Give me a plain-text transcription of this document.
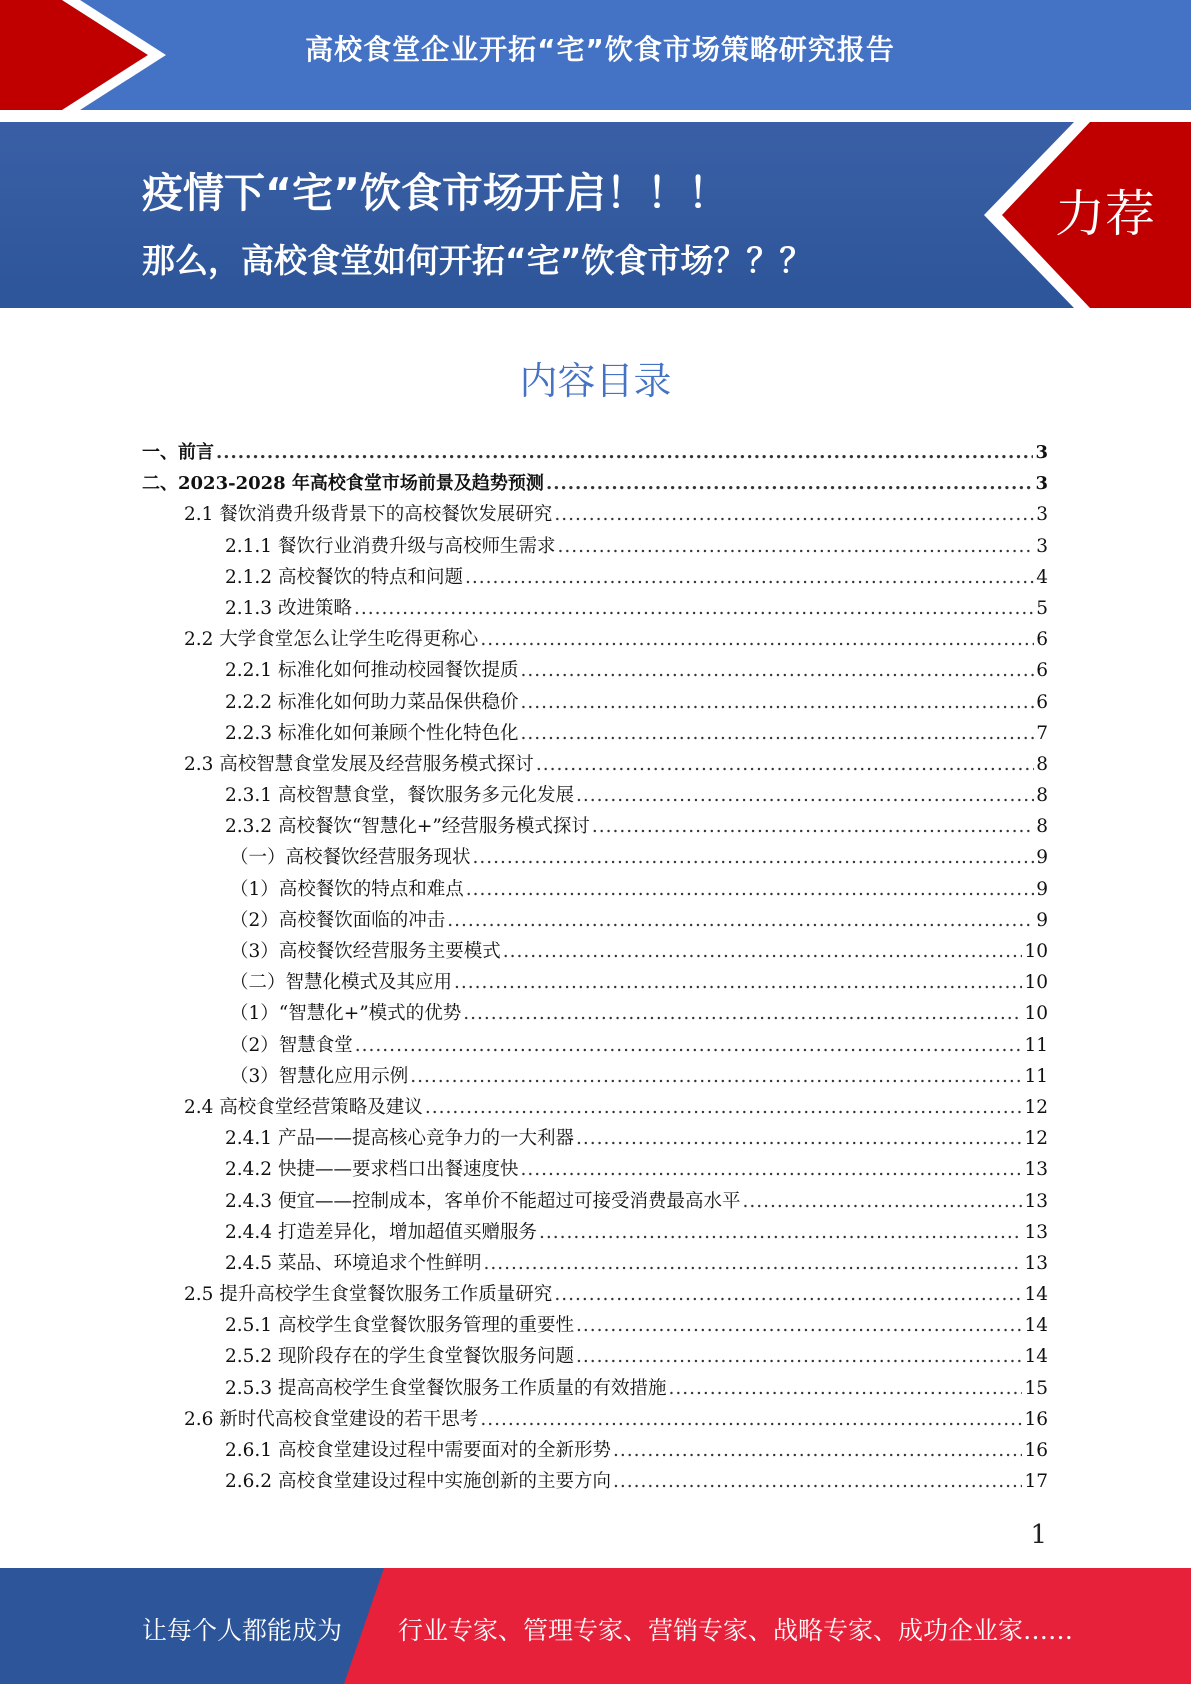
高校食堂企业开拓“宅”饮食市场策略研究报告
疫情下“宅”饮食市场开启！！！
那么，高校食堂如何开拓“宅”饮食市场？？？
力荐
内容目录
一、前言 .....	3
二、2023-2028 年高校食堂市场前景及趋势预测 .....	3
2.1 餐饮消费升级背景下的高校餐饮发展研究 .....	3
2.1.1 餐饮行业消费升级与高校师生需求 .....	3
2.1.2 高校餐饮的特点和问题 .....	4
2.1.3 改进策略 .....	5
2.2 大学食堂怎么让学生吃得更称心 .....	6
2.2.1 标准化如何推动校园餐饮提质 .....	6
2.2.2 标准化如何助力菜品保供稳价 .....	6
2.2.3 标准化如何兼顾个性化特色化 .....	7
2.3 高校智慧食堂发展及经营服务模式探讨 .....	8
2.3.1 高校智慧食堂，餐饮服务多元化发展 .....	8
2.3.2 高校餐饮“智慧化+”经营服务模式探讨 .....	8
（一）高校餐饮经营服务现状 .....	9
（1）高校餐饮的特点和难点 .....	9
（2）高校餐饮面临的冲击 .....	9
（3）高校餐饮经营服务主要模式 .....	10
（二）智慧化模式及其应用 .....	10
（1）“智慧化+”模式的优势 .....	10
（2）智慧食堂 .....	11
（3）智慧化应用示例 .....	11
2.4 高校食堂经营策略及建议 .....	12
2.4.1 产品——提高核心竞争力的一大利器 .....	12
2.4.2 快捷——要求档口出餐速度快 .....	13
2.4.3 便宜——控制成本，客单价不能超过可接受消费最高水平 .....	13
2.4.4 打造差异化，增加超值买赠服务 .....	13
2.4.5 菜品、环境追求个性鲜明 .....	13
2.5 提升高校学生食堂餐饮服务工作质量研究 .....	14
2.5.1 高校学生食堂餐饮服务管理的重要性 .....	14
2.5.2 现阶段存在的学生食堂餐饮服务问题 .....	14
2.5.3 提高高校学生食堂餐饮服务工作质量的有效措施 .....	15
2.6 新时代高校食堂建设的若干思考 .....	16
2.6.1 高校食堂建设过程中需要面对的全新形势 .....	16
2.6.2 高校食堂建设过程中实施创新的主要方向 .....	17
1
让每个人都能成为 行业专家、管理专家、营销专家、战略专家、成功企业家……
